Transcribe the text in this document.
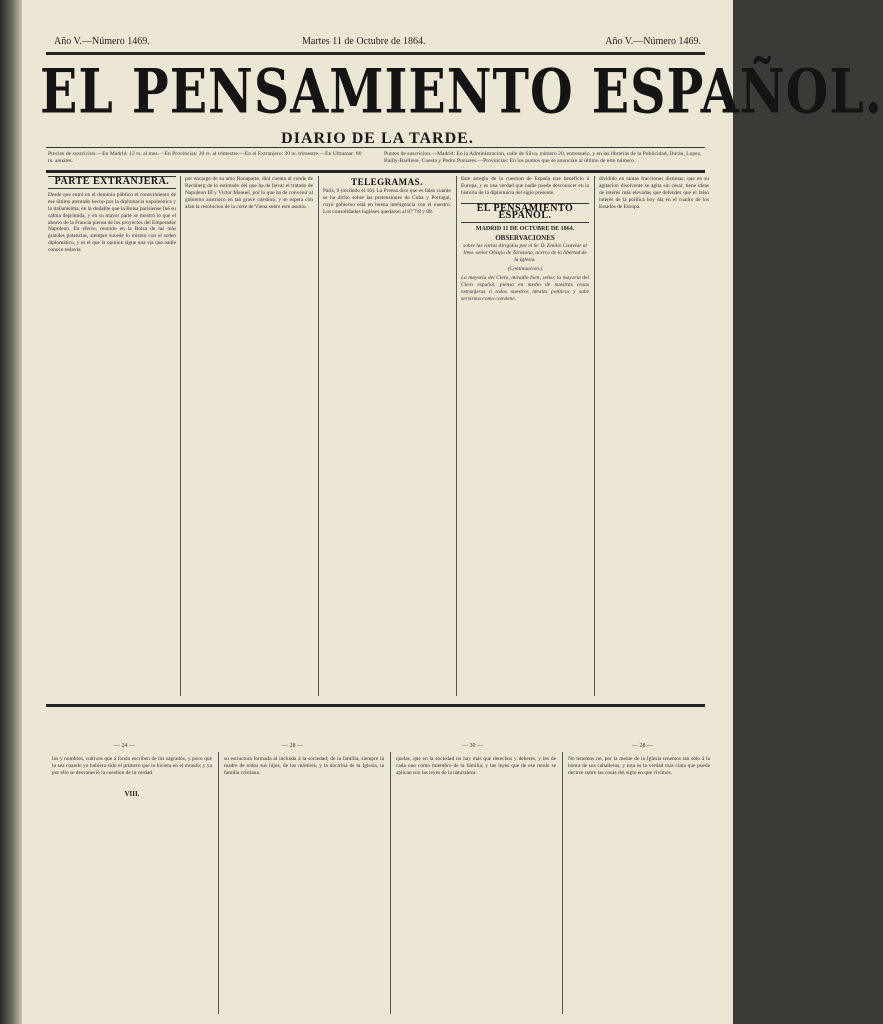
Año V.—Número 1469.	Martes 11 de Octubre de 1864.	Año V.—Número 1469.
EL PENSAMIENTO ESPAÑOL.
DIARIO DE LA TARDE.
Precios de suscricion.—En Madrid: 12 rs. al mes.—En Provincias: 20 rs. al trimestre.—En el Extranjero: 30 rs. trimestre.—En Ultramar: 80 rs. anuales.
Puntos de suscricion.—Madrid: En la Administracion, calle de Silva, número 20, entresuelo, y en las librerías de la Publicidad, Durán, Lopez, Bailly-Bailliere, Cuesta y Pedro Pumares.—Provincias: En los puntos que se anuncian al último de este número.
PARTE EXTRANJERA.
Desde que entró en el dominio público el conocimiento de ese último atentado hecho por la diplomacia napoleónica y la italianísima, en la dudable que la Bolsa parisiense fué su calma deprimida, y en su mayor parte se mostró lo que el ahorro de la Francia piensa de los proyectos del Emperador Napoleon. En efecto, reunido en la Bolsa de las más grandes potencias, siempre sucede lo mismo con el orden diplomático, y es el que la opinion sigue una vía que nadie conoce todavía.
por encargo de su amo Bonaparte, dirá cuenta al conde de Rechberg de lo estimado del que ha de llevar el tratado de Napoleon III y Víctor Manuel, por lo que ha de convenir al gobierno austríaco en tan grave cuestion, y se espera con afan la resolucion de la corte de Viena sobre este asunto.
TELEGRAMAS.
París, 9 (recibido el 10). La Prensa dice que es falso cuanto se ha dicho sobre las pretensiones de Cuba y Portugal, cuyo gobierno está en buena inteligencia con el nuestro. Los consolidados ingleses quedaron al 87 7/8 y 88.
Este arreglo de la cuestion de España trae beneficio á Europa, y es una verdad que nadie puede desconocer en la historia de la diplomacia del siglo presente.
EL PENSAMIENTO ESPAÑOL.
MADRID 11 DE OCTUBRE DE 1864.
OBSERVACIONES
sobre las cartas dirigidas por el Sr. D. Emilio Castelar al Ilmo. señor Obispo de Tarazona, acerca de la libertad de la Iglesia.
(Continuacion.)
La mayoría del Clero, miradlo bien, señor, la mayoría del Clero español, piensa en medio de nuestras cosas extranjeras á todos nuestros ideales políticos y sabe servirnos como conviene.
dividido en tantas fracciones distintas, que en su agitacion disolvente se agita sin cesar, tiene ideas de interés más elevadas que defender que el falso interés de la política hoy día en el cuadro de los Estados de Europa.
— 24 —	— 28 —	— 30 —	— 28 —
los y nombres, cultivos que á fondo escriben de los sagrados, y poco que lo sea cuando yo hubiera sido el primero que lo hiciera en el mundo; y ya por ello se desvaneció la cuestion de la verdad.
VIII.
su estructura formada al incluida á la sociedad; de la familia, siempre la madre de todos sus hijos, de los mártires, y la doctrina de la Iglesia, la familia cristiana.
quelas, que en la sociedad no hay más que derechos y deberes, y los de cada uno como miembro de la familia; y las leyes que de ese modo se aplican son las leyes de la naturaleza.
No tenemos no, por la mente de la Iglesia tenemos tan sólo á la honra de sus caballeros, y esta es la verdad más clara que puede decirse sobre las cosas del siglo en que vivimos.
